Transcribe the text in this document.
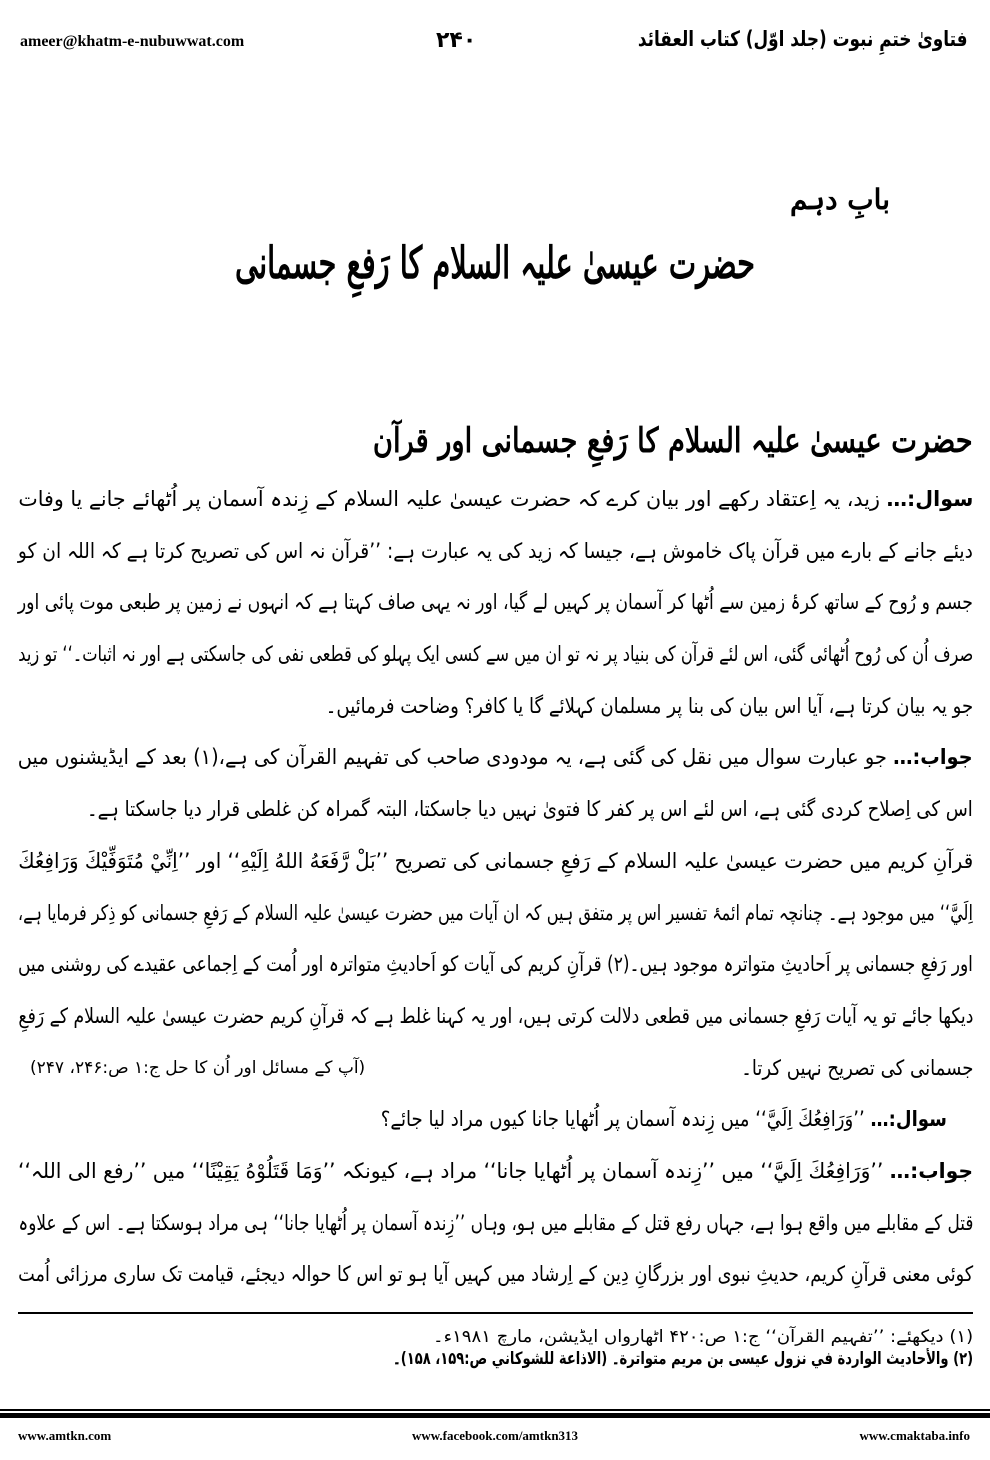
ameer@khatm-e-nubuwwat.com	۲۴۰	فتاویٰ ختمِ نبوت (جلد اوّل) کتاب العقائد
بابِ دہم
حضرت عیسیٰ علیہ السلام کا رَفعِ جسمانی
حضرت عیسیٰ علیہ السلام کا رَفعِ جسمانی اور قرآن
سوال:… زید، یہ اِعتقاد رکھے اور بیان کرے کہ حضرت عیسیٰ علیہ السلام کے زِندہ آسمان پر اُٹھائے جانے یا وفات
دیئے جانے کے بارے میں قرآن پاک خاموش ہے، جیسا کہ زید کی یہ عبارت ہے: ’’قرآن نہ اس کی تصریح کرتا ہے کہ اللہ ان کو
جسم و رُوح کے ساتھ کرۂ زمین سے اُٹھا کر آسمان پر کہیں لے گیا، اور نہ یہی صاف کہتا ہے کہ انہوں نے زمین پر طبعی موت پائی اور
صرف اُن کی رُوح اُٹھائی گئی، اس لئے قرآن کی بنیاد پر نہ تو ان میں سے کسی ایک پہلو کی قطعی نفی کی جاسکتی ہے اور نہ اثبات۔‘‘ تو زید
جو یہ بیان کرتا ہے، آیا اس بیان کی بنا پر مسلمان کہلائے گا یا کافر؟ وضاحت فرمائیں۔
جواب:… جو عبارت سوال میں نقل کی گئی ہے، یہ مودودی صاحب کی تفہیم القرآن کی ہے،(۱) بعد کے ایڈیشنوں میں
اس کی اِصلاح کردی گئی ہے، اس لئے اس پر کفر کا فتویٰ نہیں دیا جاسکتا، البتہ گمراہ کن غلطی قرار دیا جاسکتا ہے۔
قرآنِ کریم میں حضرت عیسیٰ علیہ السلام کے رَفعِ جسمانی کی تصریح ’’بَلْ رَّفَعَهُ اللهُ اِلَيْهِ‘‘ اور ’’اِنِّيْ مُتَوَفِّيْكَ وَرَافِعُكَ
اِلَيَّ‘‘ میں موجود ہے۔ چنانچہ تمام ائمۂ تفسیر اس پر متفق ہیں کہ ان آیات میں حضرت عیسیٰ علیہ السلام کے رَفعِ جسمانی کو ذِکر فرمایا ہے،
اور رَفعِ جسمانی پر اَحادیثِ متواترہ موجود ہیں۔(۲) قرآنِ کریم کی آیات کو اَحادیثِ متواترہ اور اُمت کے اِجماعی عقیدے کی روشنی میں
دیکھا جائے تو یہ آیات رَفعِ جسمانی میں قطعی دلالت کرتی ہیں، اور یہ کہنا غلط ہے کہ قرآنِ کریم حضرت عیسیٰ علیہ السلام کے رَفعِ
جسمانی کی تصریح نہیں کرتا۔
(آپ کے مسائل اور اُن کا حل ج:۱ ص:۲۴۶، ۲۴۷)
سوال:… ’’وَرَافِعُكَ اِلَيَّ‘‘ میں زِندہ آسمان پر اُٹھایا جانا کیوں مراد لیا جائے؟
جواب:… ’’وَرَافِعُكَ اِلَيَّ‘‘ میں ’’زِندہ آسمان پر اُٹھایا جانا‘‘ مراد ہے، کیونکہ ’’وَمَا قَتَلُوْهُ يَقِيْنًا‘‘ میں ’’رفع الی اللہ‘‘
قتل کے مقابلے میں واقع ہوا ہے، جہاں رفع قتل کے مقابلے میں ہو، وہاں ’’زِندہ آسمان پر اُٹھایا جانا‘‘ ہی مراد ہوسکتا ہے۔ اس کے علاوہ
کوئی معنی قرآنِ کریم، حدیثِ نبوی اور بزرگانِ دِین کے اِرشاد میں کہیں آیا ہو تو اس کا حوالہ دیجئے، قیامت تک ساری مرزائی اُمت
(۱) دیکھئے: ’’تفہیم القرآن‘‘ ج:۱ ص:۴۲۰ اٹھارواں ایڈیشن، مارچ ۱۹۸۱ء۔
(۲) والأحاديث الواردة في نزول عيسى بن مريم متواترة۔ (الاذاعة للشوكاني ص:۱۵۹، ۱۵۸)۔
www.amtkn.com	www.facebook.com/amtkn313	www.cmaktaba.info
